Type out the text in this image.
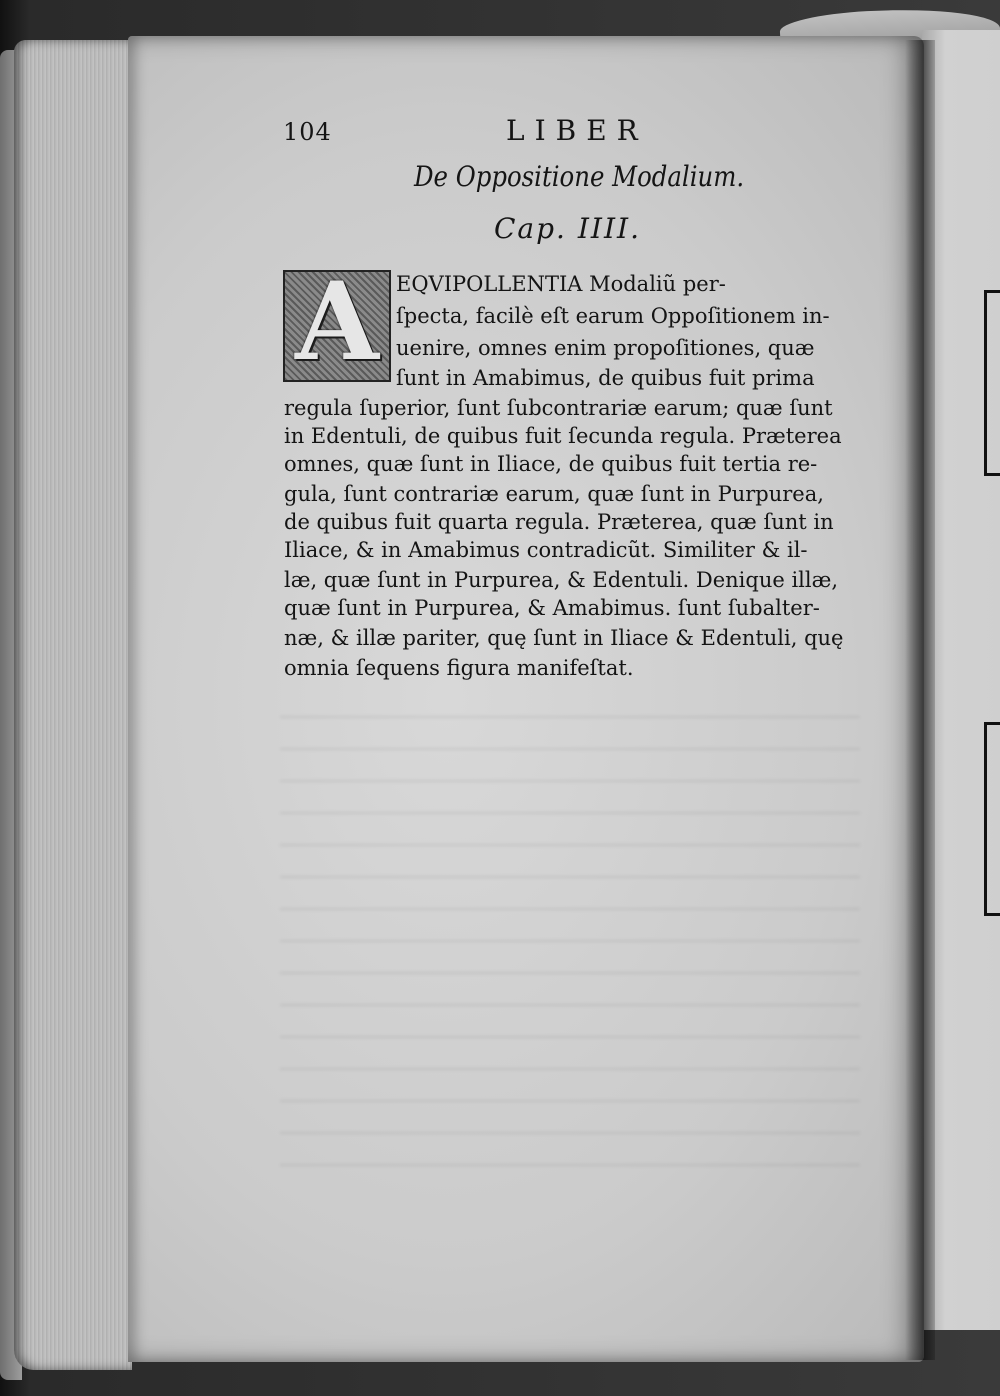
104	LIBER
De Oppositione Modalium.
Cap. IIII.
A EQVIPOLLENTIA Modaliũ per-
ſpecta, facilè eſt earum Oppoſitionem in-
uenire, omnes enim propoſitiones, quæ
ſunt in Amabimus, de quibus fuit prima
regula ſuperior, ſunt ſubcontrariæ earum; quæ ſunt
in Edentuli, de quibus fuit ſecunda regula. Præterea
omnes, quæ ſunt in Iliace, de quibus fuit tertia re-
gula, ſunt contrariæ earum, quæ ſunt in Purpurea,
de quibus fuit quarta regula. Præterea, quæ ſunt in
Iliace, & in Amabimus contradicũt. Similiter & il-
læ, quæ ſunt in Purpurea, & Edentuli. Denique illæ,
quæ ſunt in Purpurea, & Amabimus. ſunt ſubalter-
næ, & illæ pariter, quę ſunt in Iliace & Edentuli, quę
omnia ſequens figura manifeſtat.
